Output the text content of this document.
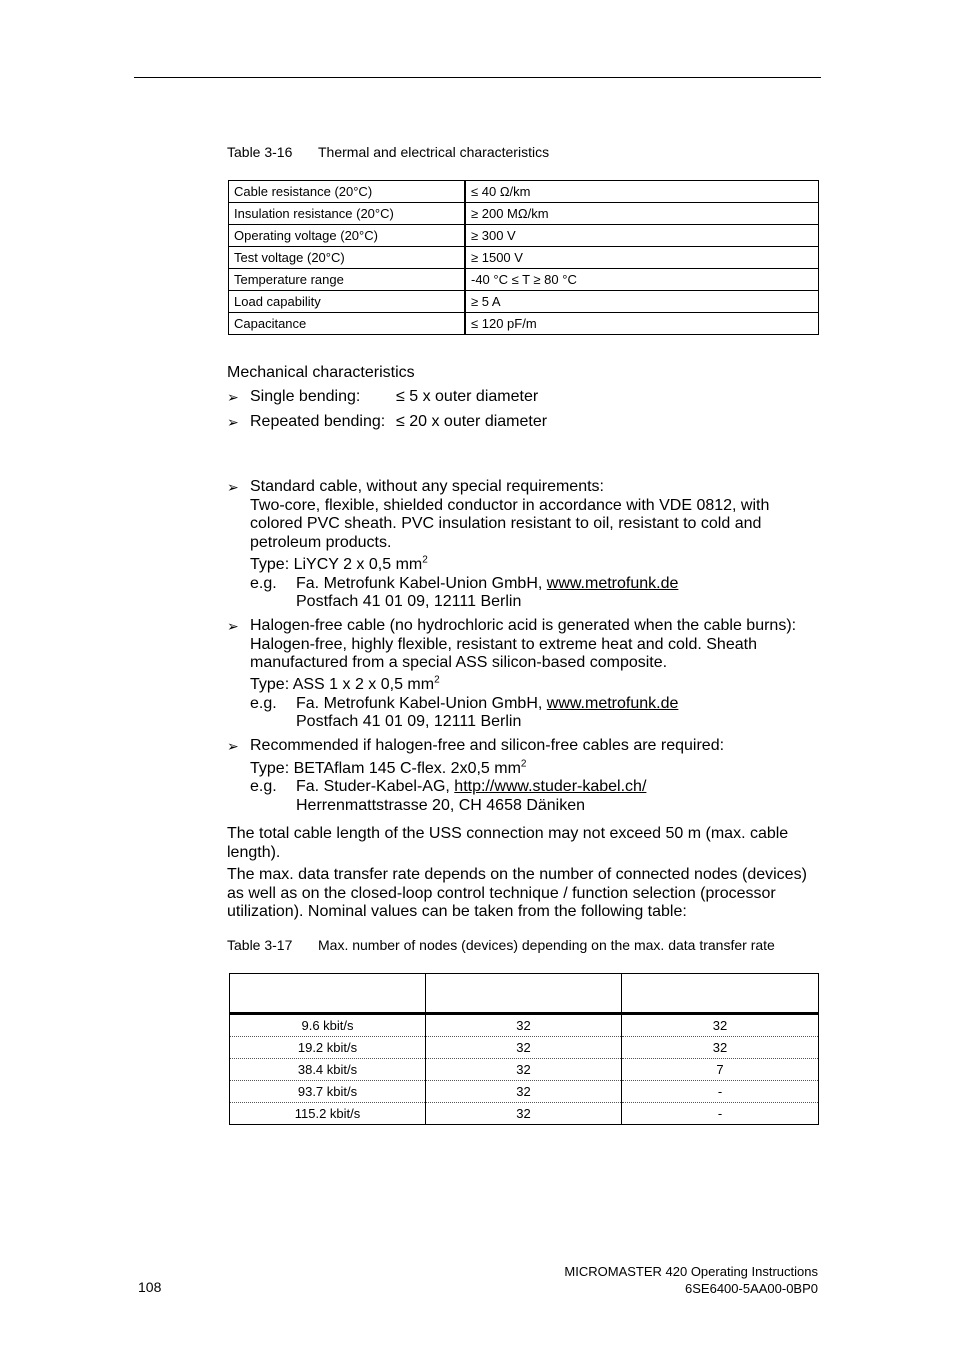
Table 3-16 Thermal and electrical characteristics
Cable resistance (20°C)	≤ 40 Ω/km
Insulation resistance (20°C)	≥ 200 MΩ/km
Operating voltage (20°C)	≥ 300 V
Test voltage (20°C)	≥ 1500 V
Temperature range	-40 °C ≤ T ≥ 80 °C
Load capability	≥ 5 A
Capacitance	≤ 120 pF/m
Mechanical characteristics
➢ Single bending: ≤ 5 x outer diameter
➢ Repeated bending: ≤ 20 x outer diameter
➢ Standard cable, without any special requirements:
Two-core, flexible, shielded conductor in accordance with VDE 0812, with
colored PVC sheath. PVC insulation resistant to oil, resistant to cold and
petroleum products.
Type: LiYCY 2 x 0,5 $mm^2$
e.g. Fa. Metrofunk Kabel-Union GmbH, www.metrofunk.de
Postfach 41 01 09, 12111 Berlin
➢ Halogen-free cable (no hydrochloric acid is generated when the cable burns):
Halogen-free, highly flexible, resistant to extreme heat and cold. Sheath
manufactured from a special ASS silicon-based composite.
Type: ASS 1 x 2 x 0,5 $mm^2$
e.g. Fa. Metrofunk Kabel-Union GmbH, www.metrofunk.de
Postfach 41 01 09, 12111 Berlin
➢ Recommended if halogen-free and silicon-free cables are required:
Type: BETAflam 145 C-flex. 2x0,5 $mm^2$
e.g. Fa. Studer-Kabel-AG, http://www.studer-kabel.ch/
Herrenmattstrasse 20, CH 4658 Däniken
The total cable length of the USS connection may not exceed 50 m (max. cable
length).
The max. data transfer rate depends on the number of connected nodes (devices)
as well as on the closed-loop control technique / function selection (processor
utilization). Nominal values can be taken from the following table:
Table 3-17 Max. number of nodes (devices) depending on the max. data transfer rate

9.6 kbit/s	32	32
19.2 kbit/s	32	32
38.4 kbit/s	32	7
93.7 kbit/s	32	-
115.2 kbit/s	32	-
108
MICROMASTER 420 Operating Instructions
6SE6400-5AA00-0BP0
